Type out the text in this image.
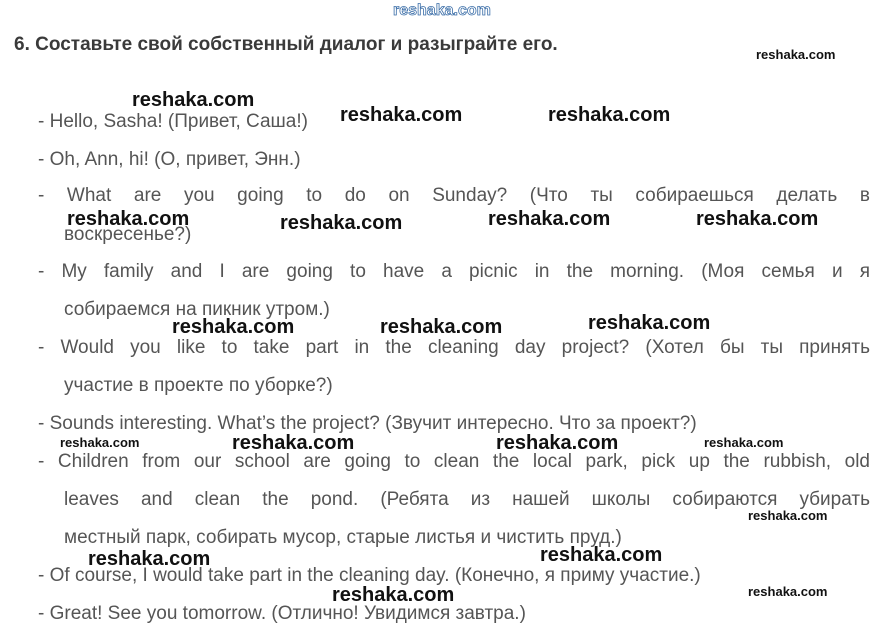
6. Составьте свой собственный диалог и разыграйте его.
- Hello, Sasha! (Привет, Саша!)
- Oh, Ann, hi! (О, привет, Энн.)
- What are you going to do on Sunday? (Что ты собираешься делать в
воскресенье?)
- My family and I are going to have a picnic in the morning. (Моя семья и я
собираемся на пикник утром.)
- Would you like to take part in the cleaning day project? (Хотел бы ты принять
участие в проекте по уборке?)
- Sounds interesting. What’s the project? (Звучит интересно. Что за проект?)
- Children from our school are going to clean the local park, pick up the rubbish, old
leaves and clean the pond. (Ребята из нашей школы собираются убирать
местный парк, собирать мусор, старые листья и чистить пруд.)
- Of course, I would take part in the cleaning day. (Конечно, я приму участие.)
- Great! See you tomorrow. (Отлично! Увидимся завтра.)
reshaka.com
reshaka.com
reshaka.com
reshaka.com	reshaka.com
reshaka.com	reshaka.com	reshaka.com	reshaka.com
reshaka.com	reshaka.com	reshaka.com
reshaka.com	reshaka.com	reshaka.com	reshaka.com
reshaka.com
reshaka.com	reshaka.com
reshaka.com	reshaka.com
